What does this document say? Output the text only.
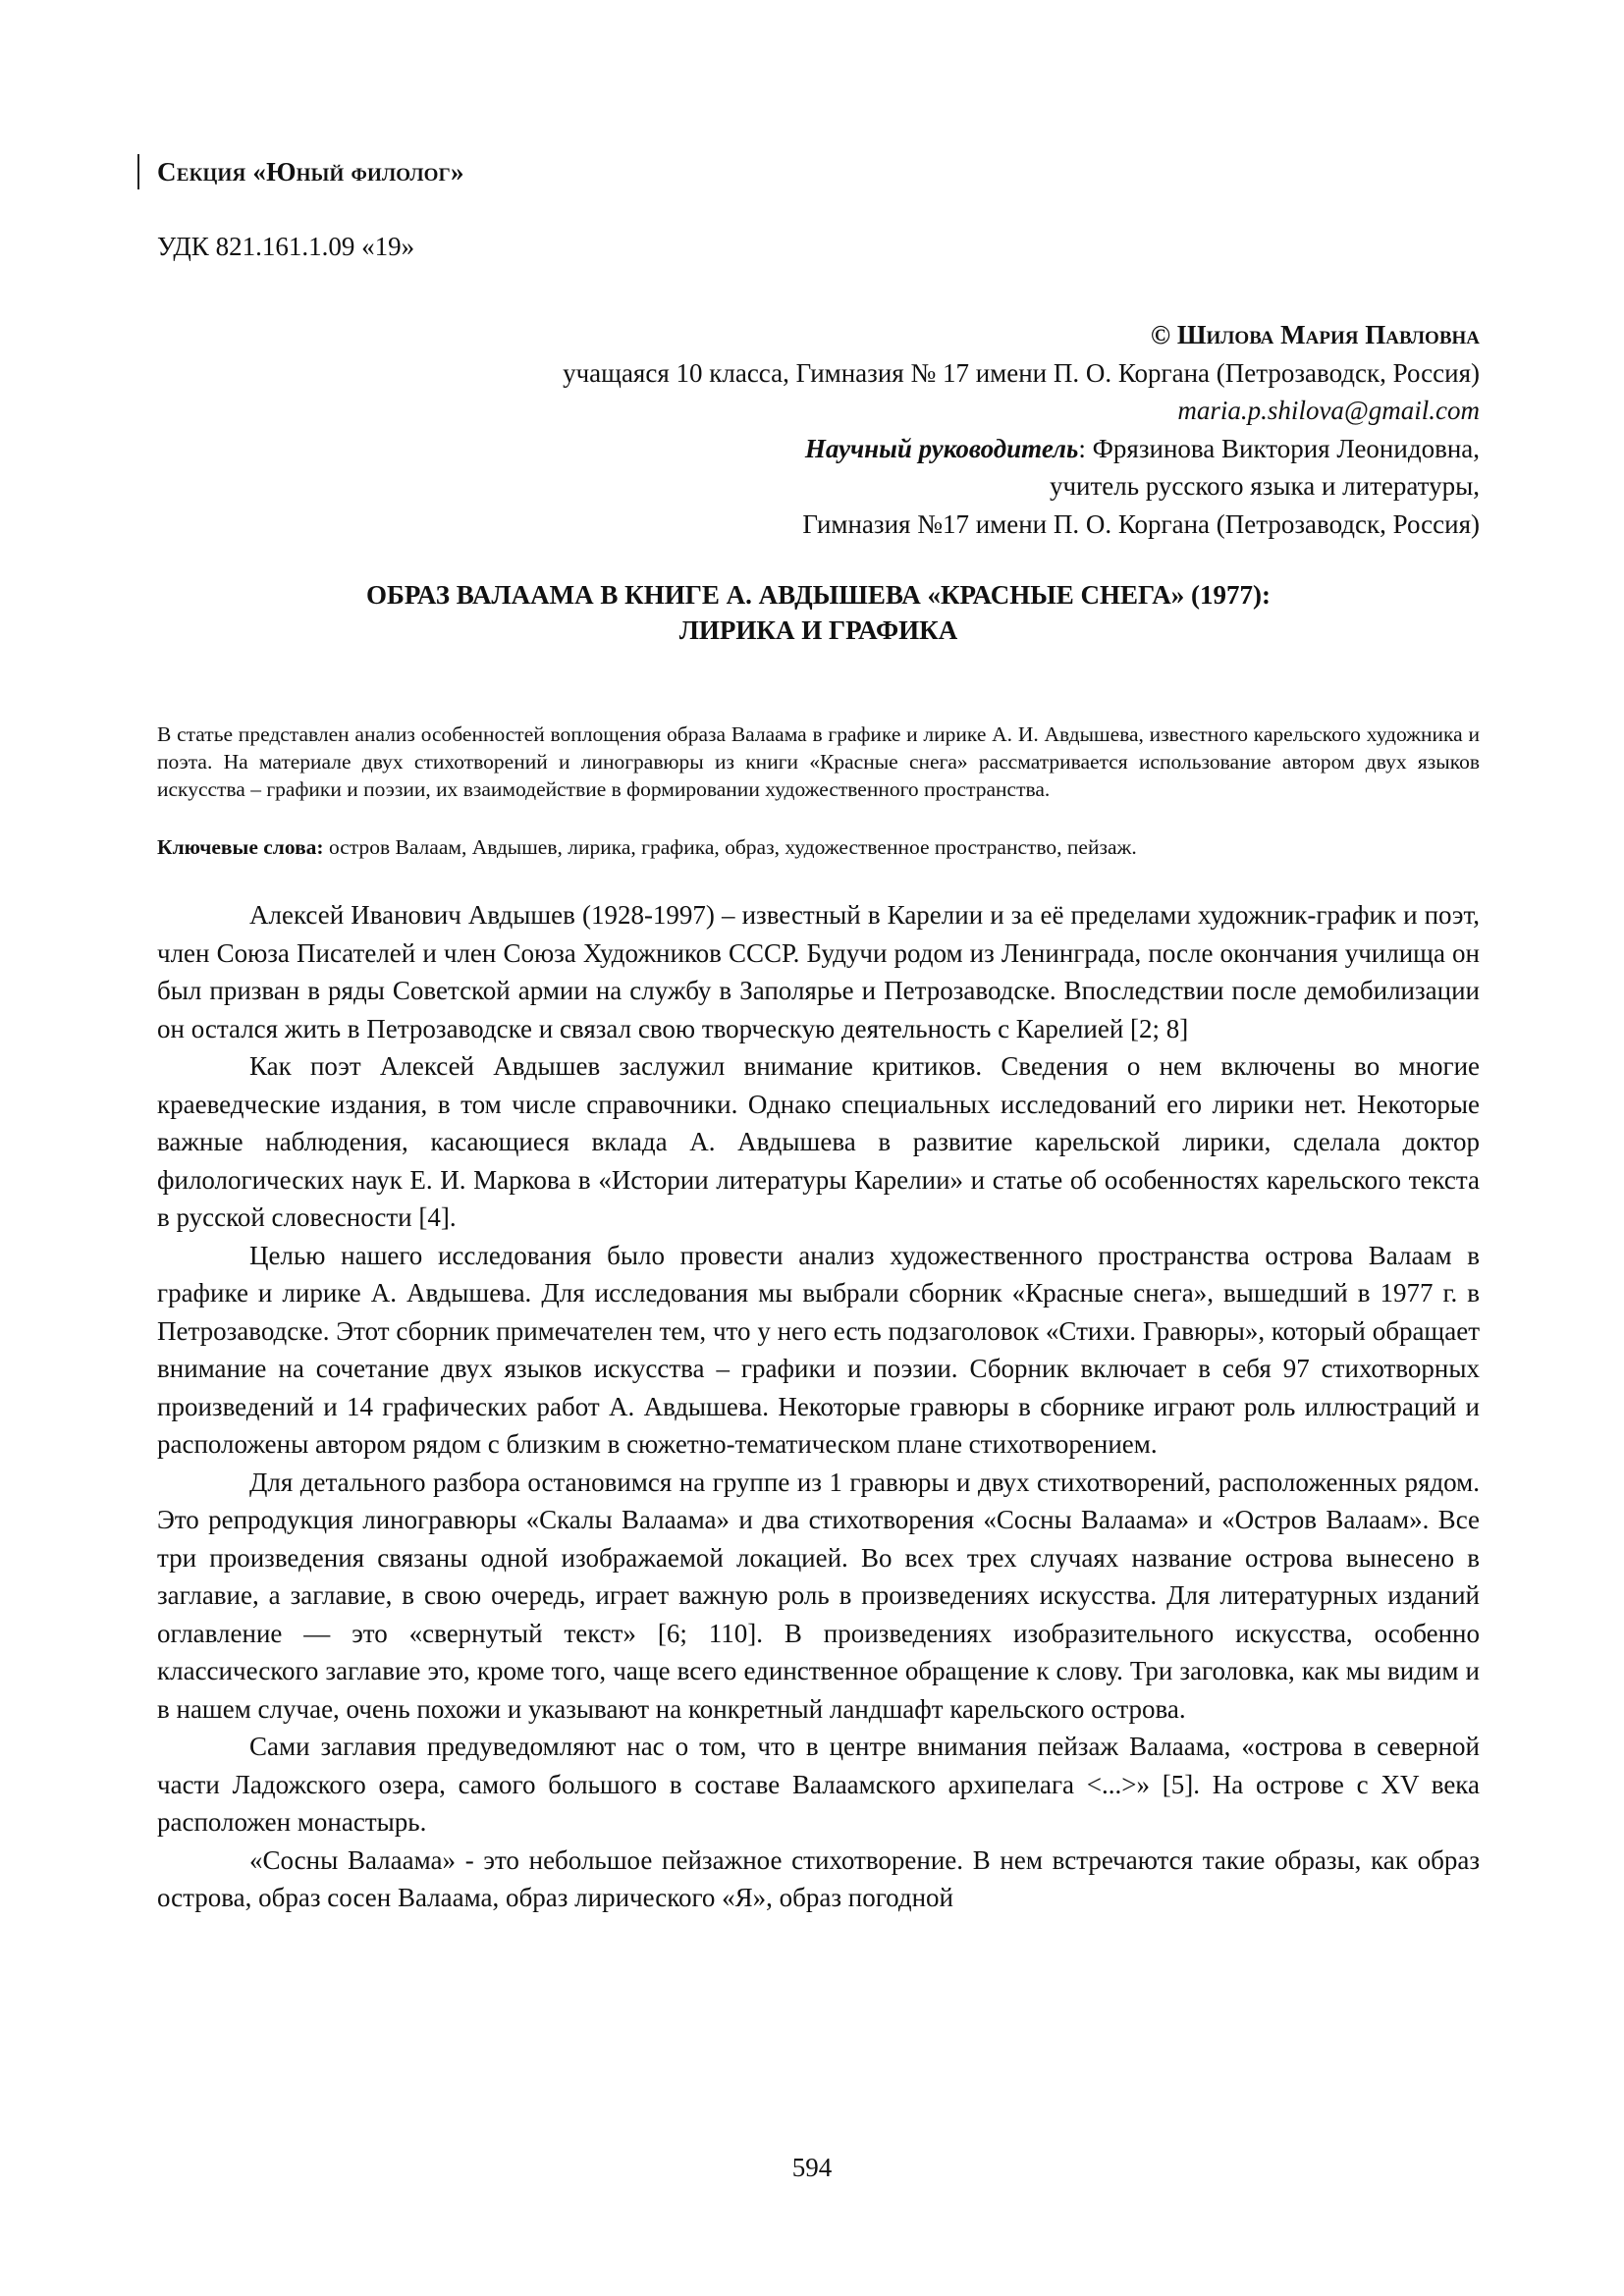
Секция «Юный филолог»
УДК 821.161.1.09 «19»
© Шилова Мария Павловна
учащаяся 10 класса, Гимназия № 17 имени П. О. Коргана (Петрозаводск, Россия)
maria.p.shilova@gmail.com
Научный руководитель: Фрязинова Виктория Леонидовна,
учитель русского языка и литературы,
Гимназия №17 имени П. О. Коргана (Петрозаводск, Россия)
ОБРАЗ ВАЛААМА В КНИГЕ А. АВДЫШЕВА «КРАСНЫЕ СНЕГА» (1977):
ЛИРИКА И ГРАФИКА
В статье представлен анализ особенностей воплощения образа Валаама в графике и лирике А. И. Авдышева, известного карельского художника и поэта. На материале двух стихотворений и линогравюры из книги «Красные снега» рассматривается использование автором двух языков искусства – графики и поэзии, их взаимодействие в формировании художественного пространства.
Ключевые слова: остров Валаам, Авдышев, лирика, графика, образ, художественное пространство, пейзаж.

Алексей Иванович Авдышев (1928-1997) – известный в Карелии и за её пределами художник-график и поэт, член Союза Писателей и член Союза Художников СССР. Будучи родом из Ленинграда, после окончания училища он был призван в ряды Советской армии на службу в Заполярье и Петрозаводске. Впоследствии после демобилизации он остался жить в Петрозаводске и связал свою творческую деятельность с Карелией [2; 8]

Как поэт Алексей Авдышев заслужил внимание критиков. Сведения о нем включены во многие краеведческие издания, в том числе справочники. Однако специальных исследований его лирики нет. Некоторые важные наблюдения, касающиеся вклада А. Авдышева в развитие карельской лирики, сделала доктор филологических наук Е. И. Маркова в «Истории литературы Карелии» и статье об особенностях карельского текста в русской словесности [4].

Целью нашего исследования было провести анализ художественного пространства острова Валаам в графике и лирике А. Авдышева. Для исследования мы выбрали сборник «Красные снега», вышедший в 1977 г. в Петрозаводске. Этот сборник примечателен тем, что у него есть подзаголовок «Стихи. Гравюры», который обращает внимание на сочетание двух языков искусства – графики и поэзии. Сборник включает в себя 97 стихотворных произведений и 14 графических работ А. Авдышева. Некоторые гравюры в сборнике играют роль иллюстраций и расположены автором рядом с близким в сюжетно-тематическом плане стихотворением.

Для детального разбора остановимся на группе из 1 гравюры и двух стихотворений, расположенных рядом. Это репродукция линогравюры «Скалы Валаама» и два стихотворения «Сосны Валаама» и «Остров Валаам». Все три произведения связаны одной изображаемой локацией. Во всех трех случаях название острова вынесено в заглавие, а заглавие, в свою очередь, играет важную роль в произведениях искусства. Для литературных изданий оглавление — это «свернутый текст» [6; 110]. В произведениях изобразительного искусства, особенно классического заглавие это, кроме того, чаще всего единственное обращение к слову. Три заголовка, как мы видим и в нашем случае, очень похожи и указывают на конкретный ландшафт карельского острова.

Сами заглавия предуведомляют нас о том, что в центре внимания пейзаж Валаама, «острова в северной части Ладожского озера, самого большого в составе Валаамского архипелага <...>» [5]. На острове с XV века расположен монастырь.

«Сосны Валаама» - это небольшое пейзажное стихотворение. В нем встречаются такие образы, как образ острова, образ сосен Валаама, образ лирического «Я», образ погодной

594
